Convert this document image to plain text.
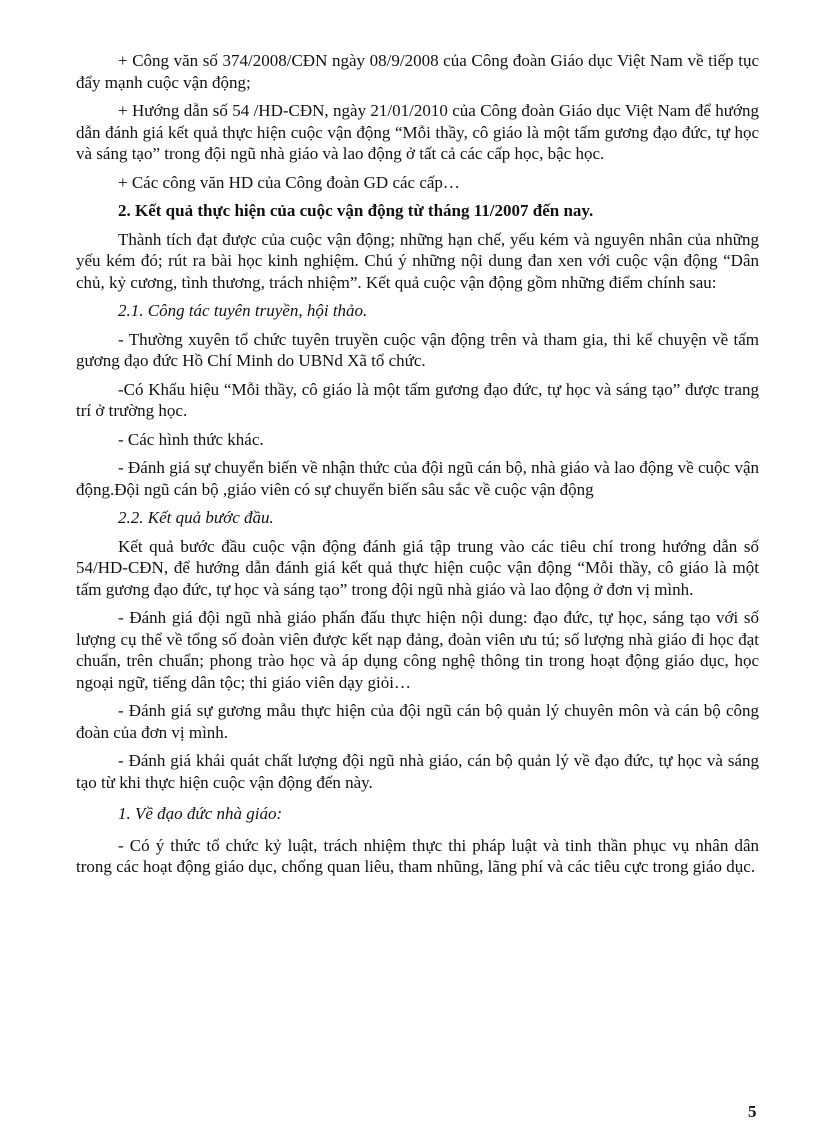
+ Công văn số 374/2008/CĐN ngày 08/9/2008 của Công đoàn Giáo dục Việt Nam về tiếp tục đẩy mạnh cuộc vận động;

+ Hướng dẫn số 54 /HD-CĐN, ngày 21/01/2010 của Công đoàn Giáo dục Việt Nam để hướng dẫn đánh giá kết quả thực hiện cuộc vận động “Mỗi thầy, cô giáo là một tấm gương đạo đức, tự học và sáng tạo” trong đội ngũ nhà giáo và lao động ở tất cả các cấp học, bậc học.

+ Các công văn HD của Công đoàn GD các cấp…

2. Kết quả thực hiện của cuộc vận động từ tháng 11/2007 đến nay.

Thành tích đạt được của cuộc vận động; những hạn chế, yếu kém và nguyên nhân của những yếu kém đó; rút ra bài học kinh nghiệm. Chú ý những nội dung đan xen với cuộc vận động “Dân chủ, kỷ cương, tình thương, trách nhiệm”. Kết quả cuộc vận động gồm những điểm chính sau:

2.1. Công tác tuyên truyền, hội thảo.

- Thường xuyên tổ chức tuyên truyền cuộc vận động trên và tham gia, thi kể chuyện về tấm gương đạo đức Hồ Chí Minh do UBNd Xã tổ chức.

-Có Khẩu hiệu “Mỗi thầy, cô giáo là một tấm gương đạo đức, tự học và sáng tạo” được trang trí ở trường học.

- Các hình thức khác.

- Đánh giá sự chuyển biến về nhận thức của đội ngũ cán bộ, nhà giáo và lao động về cuộc vận động.Đội ngũ cán bộ ,giáo viên có sự chuyển biến sâu sắc về cuộc vận động

2.2. Kết quả bước đầu.

Kết quả bước đầu cuộc vận động đánh giá tập trung vào các tiêu chí trong hướng dẫn số 54/HD-CĐN, để hướng dẫn đánh giá kết quả thực hiện cuộc vận động “Mỗi thầy, cô giáo là một tấm gương đạo đức, tự học và sáng tạo” trong đội ngũ nhà giáo và lao động ở đơn vị mình.

- Đánh giá đội ngũ nhà giáo phấn đấu thực hiện nội dung: đạo đức, tự học, sáng tạo với số lượng cụ thể về tổng số đoàn viên được kết nạp đảng, đoàn viên ưu tú; số lượng nhà giáo đi học đạt chuẩn, trên chuẩn; phong trào học và áp dụng công nghệ thông tin trong hoạt động giáo dục, học ngoại ngữ, tiếng dân tộc; thi giáo viên dạy giỏi…

- Đánh giá sự gương mẫu thực hiện của đội ngũ cán bộ quản lý chuyên môn và cán bộ công đoàn của đơn vị mình.

- Đánh giá khái quát chất lượng đội ngũ nhà giáo, cán bộ quản lý về đạo đức, tự học và sáng tạo từ khi thực hiện cuộc vận động đến này.

1. Về đạo đức nhà giáo:

- Có ý thức tổ chức kỷ luật, trách nhiệm thực thi pháp luật và tinh thần phục vụ nhân dân trong các hoạt động giáo dục, chống quan liêu, tham nhũng, lãng phí và các tiêu cực trong giáo dục.

5
